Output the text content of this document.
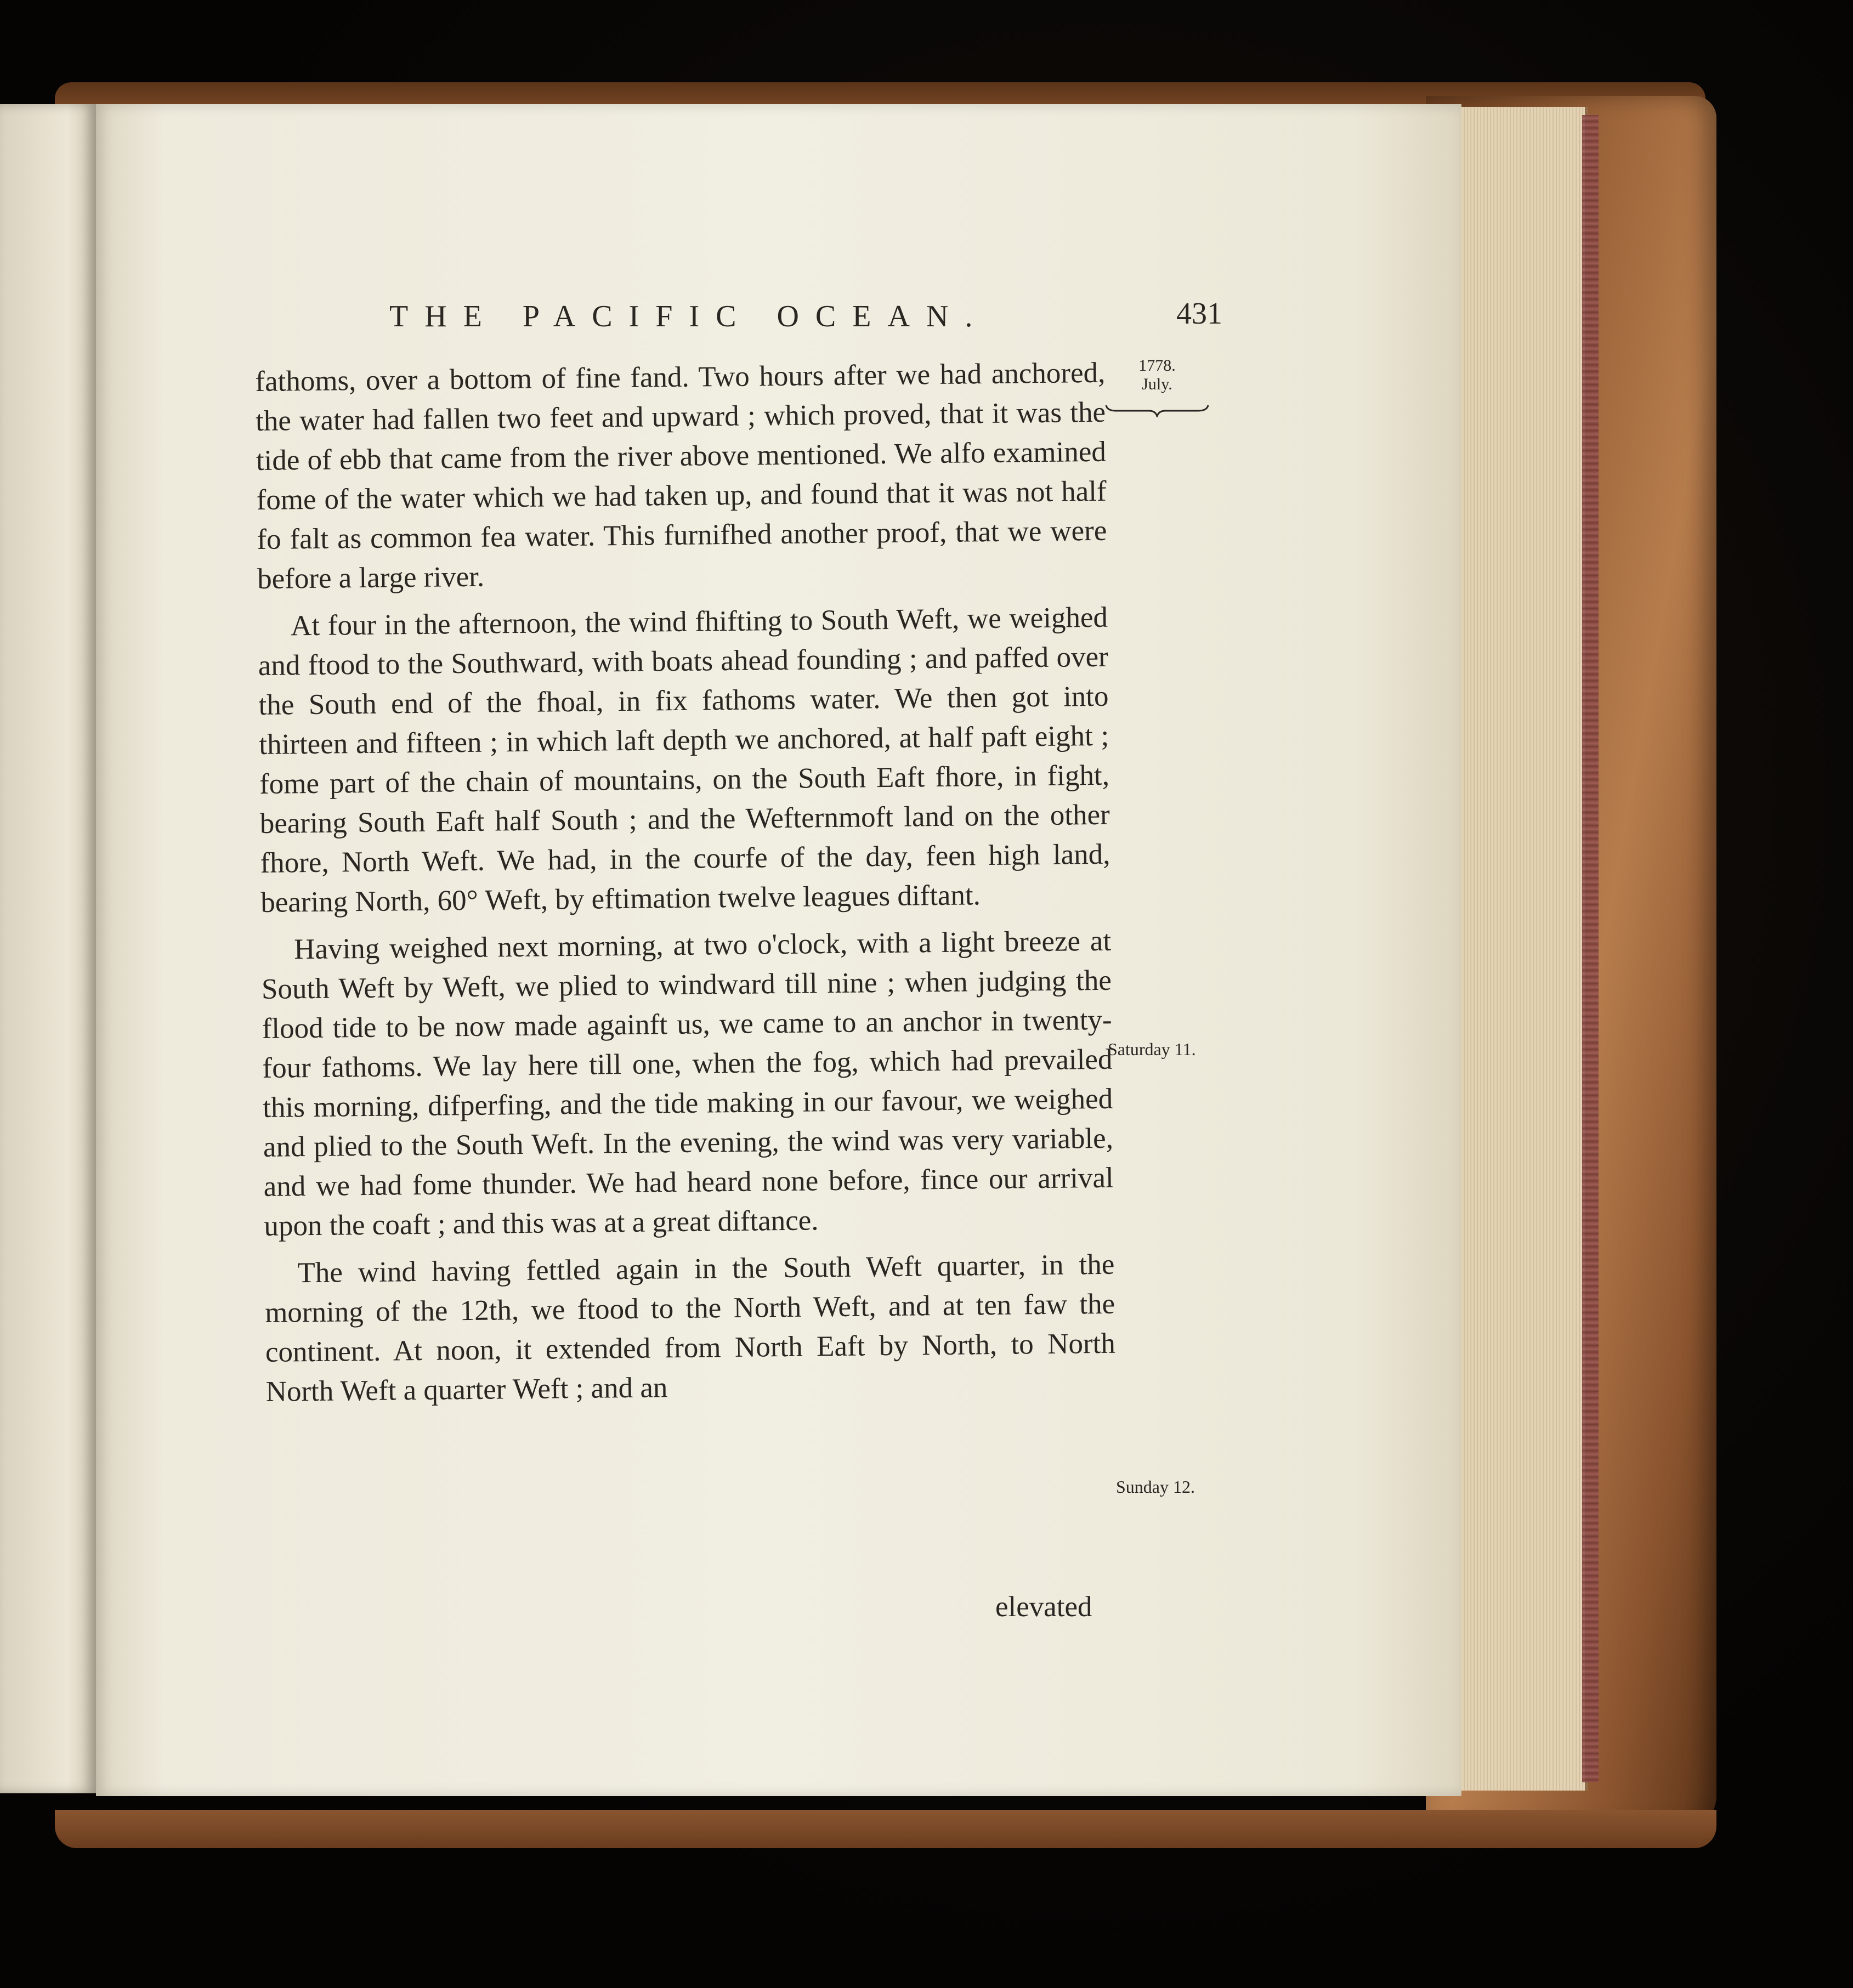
THE PACIFIC OCEAN.	431
1778.
July.
Saturday 11.
Sunday 12.

fathoms, over a bottom of fine fand. Two hours after we had anchored, the water had fallen two feet and upward ; which proved, that it was the tide of ebb that came from the river above mentioned. We alfo examined fome of the water which we had taken up, and found that it was not half fo falt as common fea water. This furnifhed another proof, that we were before a large river.

At four in the afternoon, the wind fhifting to South Weft, we weighed and ftood to the Southward, with boats ahead founding ; and paffed over the South end of the fhoal, in fix fathoms water. We then got into thirteen and fifteen ; in which laft depth we anchored, at half paft eight ; fome part of the chain of mountains, on the South Eaft fhore, in fight, bearing South Eaft half South ; and the Wefternmoft land on the other fhore, North Weft. We had, in the courfe of the day, feen high land, bearing North, 60° Weft, by eftimation twelve leagues diftant.

Having weighed next morning, at two o'clock, with a light breeze at South Weft by Weft, we plied to windward till nine ; when judging the flood tide to be now made againft us, we came to an anchor in twenty-four fathoms. We lay here till one, when the fog, which had prevailed this morning, difperfing, and the tide making in our favour, we weighed and plied to the South Weft. In the evening, the wind was very variable, and we had fome thunder. We had heard none before, fince our arrival upon the coaft ; and this was at a great diftance.

The wind having fettled again in the South Weft quarter, in the morning of the 12th, we ftood to the North Weft, and at ten faw the continent. At noon, it extended from North Eaft by North, to North North Weft a quarter Weft ; and an

elevated
